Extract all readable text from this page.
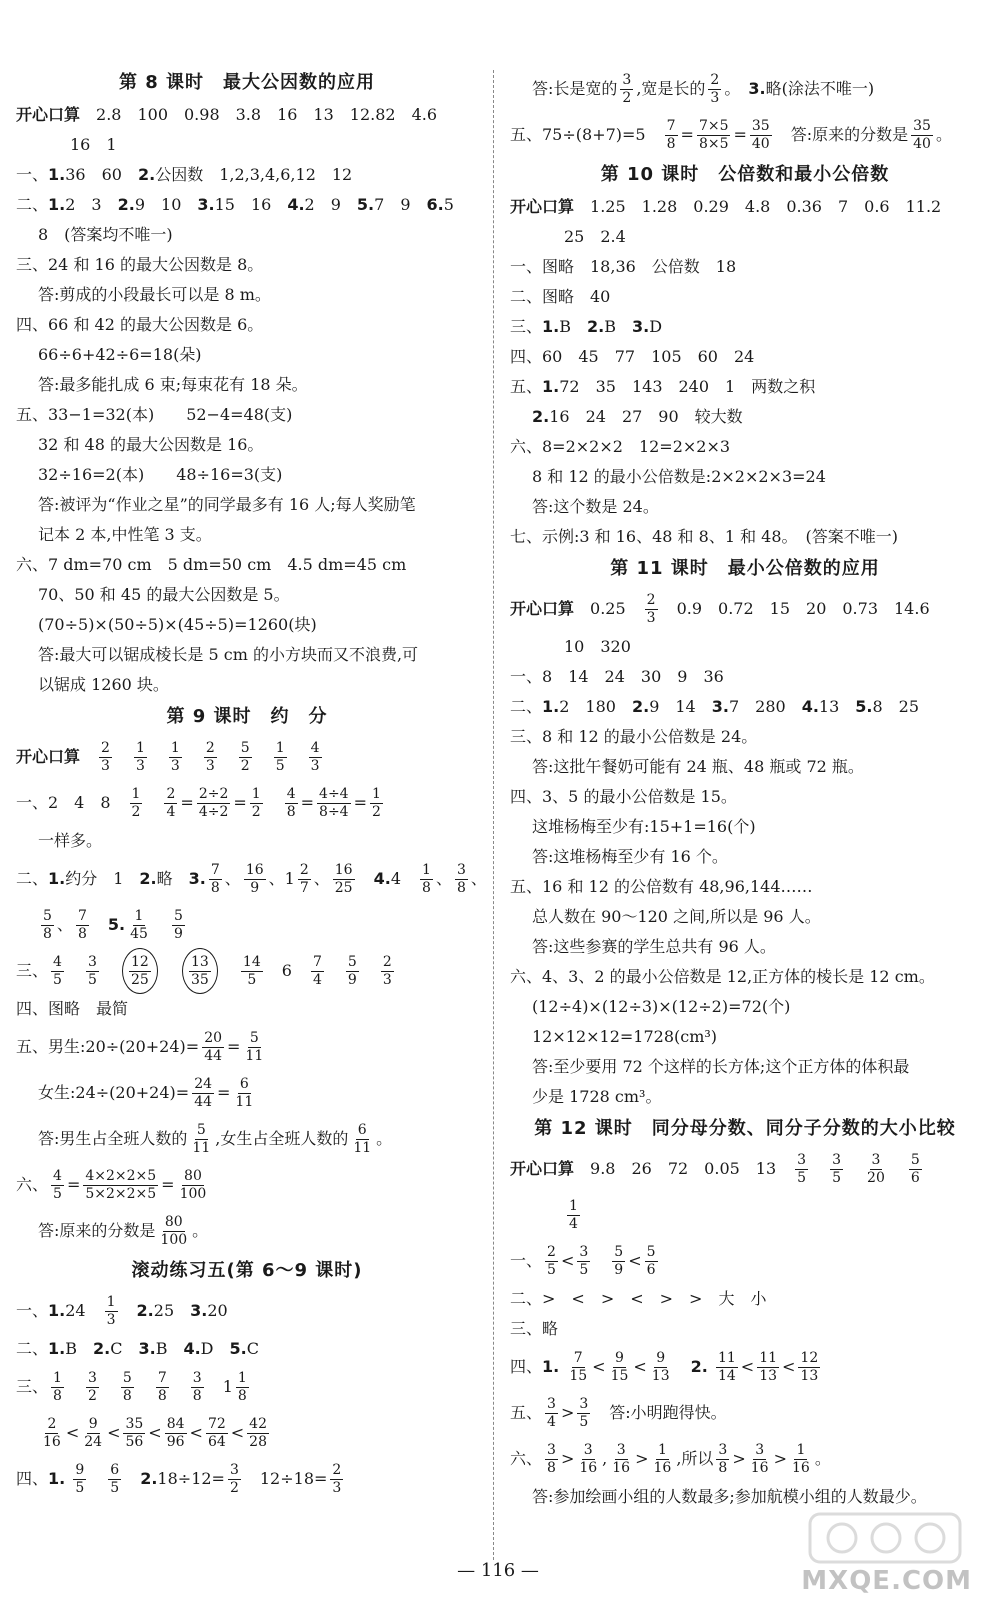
第 8 课时　最大公因数的应用
开心口算 　2.8　100　0.98　3.8　16　13　12.82　4.6
　　16　1
一、 1. 36　60　 2. 公因数　1,2,3,4,6,12　12
二、 1. 2　3　 2. 9　10　 3. 15　16　 4. 2　9　 5. 7　9　 6. 5
8　(答案均不唯一)
三、24 和 16 的最大公因数是 8。
答:剪成的小段最长可以是 8 m。
四、66 和 42 的最大公因数是 6。
66÷6+42÷6=18(朵)
答:最多能扎成 6 束;每束花有 18 朵。
五、33−1=32(本)　　52−4=48(支)
32 和 48 的最大公因数是 16。
32÷16=2(本)　　48÷16=3(支)
答:被评为“作业之星”的同学最多有 16 人;每人奖励笔
记本 2 本,中性笔 3 支。
六、7 dm=70 cm　5 dm=50 cm　4.5 dm=45 cm
70、50 和 45 的最大公因数是 5。
(70÷5)×(50÷5)×(45÷5)=1260(块)
答:最大可以锯成棱长是 5 cm 的小方块而又不浪费,可
以锯成 1260 块。
第 9 课时　约　分
开心口算
　 $\frac{2}{3}$
　 $\frac{1}{3}$
　 $\frac{1}{3}$
　 $\frac{2}{3}$
　 $\frac{5}{2}$
　 $\frac{1}{5}$
　 $\frac{4}{3}$
一、2　4　8　 $\frac{1}{2}$
　 $\frac{2}{4} = \frac{2\div 2}{4\div 2} = \frac{1}{2}$
　 $\frac{4}{8} = \frac{4\div 4}{8\div 4} = \frac{1}{2}$
一样多。
二、 1. 约分　1　 2. 略　 3. $\frac{7}{8}$ 、 $\frac{16}{9}$ 、$1 \frac{2}{7}$ 、 $\frac{16}{25}$
　 4. 4　 $\frac{1}{8}$ 、 $\frac{3}{8}$ 、
$\frac{5}{8}$ 、 $\frac{7}{8}$
　 5. $\frac{1}{45}$
　 $\frac{5}{9}$
三、 $\frac{4}{5}$
　 $\frac{3}{5}$
　 $\frac{12}{25}$
　	$\frac{13}{35}$
　 $\frac{14}{5}$ 　6　 $\frac{7}{4}$
　 $\frac{5}{9}$
　 $\frac{2}{3}$
四、图略　最简
五、男生:20÷(20+24)= $\frac{20}{44} = \frac{5}{11}$
女生:24÷(20+24)= $\frac{24}{44} = \frac{6}{11}$
答:男生占全班人数的 $\frac{5}{11}$ ,女生占全班人数的 $\frac{6}{11}$ 。
六、 $\frac{4}{5} = \frac{4\times 2\times 2\times 5}{5\times 2\times 2\times 5} = \frac{80}{100}$
答:原来的分数是 $\frac{80}{100}$ 。
滚动练习五(第 6～9 课时)
一、 1. 24　 $\frac{1}{3}$
　 2. 25　 3. 20
二、 1. B　 2. C　 3. B　 4. D　 5. C
三、 $\frac{1}{8}$
　 $\frac{3}{2}$
　 $\frac{5}{8}$
　 $\frac{7}{8}$
　 $\frac{3}{8}$ 　$1 \frac{1}{8}$
$\frac{2}{16} < \frac{9}{24} < \frac{35}{56} < \frac{84}{96} < \frac{72}{64} < \frac{42}{28}$
四、 1.
$\frac{9}{5}$
　 $\frac{6}{5}$
　 2. $18\div 12= \frac{3}{2}$ 　$12\div 18= \frac{2}{3}$
答:长是宽的 $\frac{3}{2}$ ,宽是长的 $\frac{2}{3}$ 。　 3. 略(涂法不唯一)
五、75÷(8+7)=5　 $\frac{7}{8} = \frac{7\times 5}{8\times 5} = \frac{35}{40}$ 　答:原来的分数是 $\frac{35}{40}$ 。
第 10 课时　公倍数和最小公倍数
开心口算 　1.25　1.28　0.29　4.8　0.36　7　0.6　11.2
　　25　2.4
一、图略　18,36　公倍数　18
二、图略　40
三、 1. B　 2. B　 3. D
四、60　45　77　105　60　24
五、 1. 72　35　143　240　1　两数之积
2. 16　24　27　90　较大数
六、8=2×2×2　12=2×2×3
8 和 12 的最小公倍数是:2×2×2×3=24
答:这个数是 24。
七、示例:3 和 16、48 和 8、1 和 48。　(答案不唯一)
第 11 课时　最小公倍数的应用
开心口算 　0.25　 $\frac{2}{3}$ 　0.9　0.72　15　20　0.73　14.6
　　10　320
一、8　14　24　30　9　36
二、 1. 2　180　 2. 9　14　 3. 7　280　 4. 13　 5. 8　25
三、8 和 12 的最小公倍数是 24。
答:这批午餐奶可能有 24 瓶、48 瓶或 72 瓶。
四、3、5 的最小公倍数是 15。
这堆杨梅至少有:15+1=16(个)
答:这堆杨梅至少有 16 个。
五、16 和 12 的公倍数有 48,96,144……
总人数在 90～120 之间,所以是 96 人。
答:这些参赛的学生总共有 96 人。
六、4、3、2 的最小公倍数是 12,正方体的棱长是 12 cm。
(12÷4)×(12÷3)×(12÷2)=72(个)
12×12×12=1728(cm³)
答:至少要用 72 个这样的长方体;这个正方体的体积最
少是 1728 cm³。
第 12 课时　同分母分数、同分子分数的大小比较
开心口算 　9.8　26　72　0.05　13　 $\frac{3}{5}$
　 $\frac{3}{5}$
　 $\frac{3}{20}$
　 $\frac{5}{6}$

$\frac{1}{4}$
一、 $\frac{2}{5} < \frac{3}{5}$
　 $\frac{5}{9} < \frac{5}{6}$
二、>　<　>　<　>　>　大　小
三、略
四、 1.
$\frac{7}{15} < \frac{9}{15} < \frac{9}{13}$
　 2.
$\frac{11}{14} < \frac{11}{13} < \frac{12}{13}$
五、 $\frac{3}{4} > \frac{3}{5}$ 　答:小明跑得快。
六、 $\frac{3}{8} > \frac{3}{16}$ , $\frac{3}{16} > \frac{1}{16}$ ,所以 $\frac{3}{8} > \frac{3}{16} > \frac{1}{16}$ 。
答:参加绘画小组的人数最多;参加航模小组的人数最少。
— 116 —	MXQE.COM
